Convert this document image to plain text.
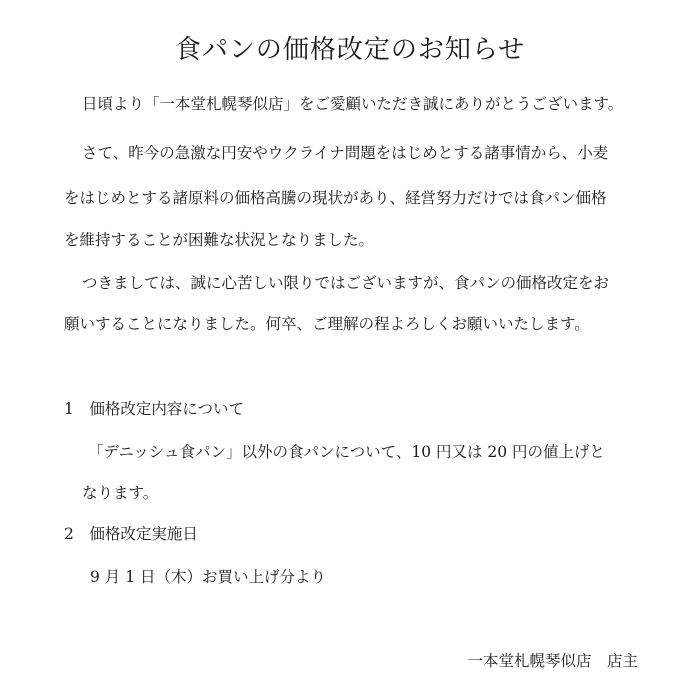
食パンの価格改定のお知らせ
日頃より「一本堂札幌琴似店」をご愛顧いただき誠にありがとうございます。
さて、昨今の急激な円安やウクライナ問題をはじめとする諸事情から、小麦
をはじめとする諸原料の価格高騰の現状があり、経営努力だけでは食パン価格
を維持することが困難な状況となりました。
つきましては、誠に心苦しい限りではございますが、食パンの価格改定をお
願いすることになりました。何卒、ご理解の程よろしくお願いいたします。
1　価格改定内容について
「デニッシュ食パン」以外の食パンについて、10 円又は 20 円の値上げと
なります。
2　価格改定実施日
9 月 1 日（木）お買い上げ分より
一本堂札幌琴似店　店主
